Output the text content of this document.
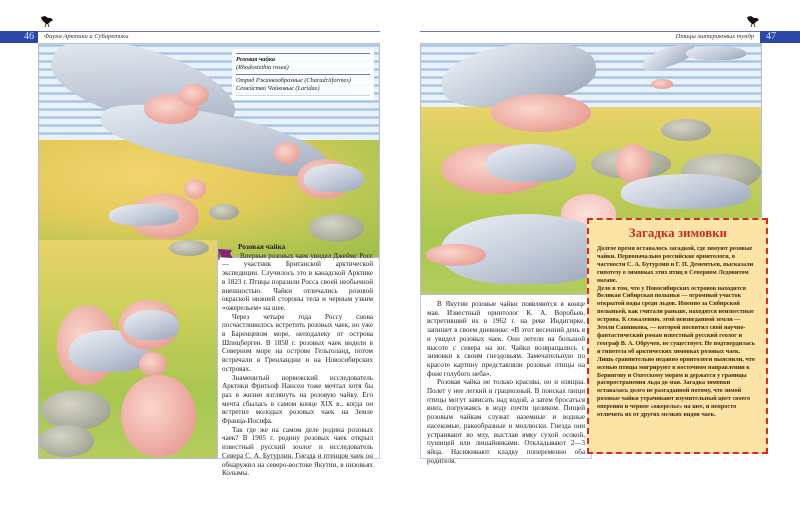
46	Фауна Арктики и Субарктики
Розовая чайка
(Rhodostethia rosea)
Отряд Ржанкообразные (Charadriiformes)
Семейство Чайковые (Laridae)
Розовая чайка

Впервые розовых чаек увидел Джеймс Росс — участник Британской арктической экспедиции. Случилось это в канадской Арктике в 1823 г. Птицы поразили Росса своей необычной внешностью. Чайки отличались розовой окраской нижней стороны тела и черным узким «ожерельем» на шее.

Через четыре года Россу снова посчастливилось встретить розовых чаек, но уже в Баренцевом море, неподалеку от острова Шпицберген. В 1858 г. розовых чаек видели в Северном море на острове Гельголанд, потом встречали в Гренландии и на Новосибирских островах.

Знаменитый норвежский исследователь Арктики Фритьоф Нансен тоже мечтал хотя бы раз в жизни взглянуть на розовую чайку. Его мечта сбылась в самом конце XIX в., когда он встретил молодых розовых чаек на Земле Франца-Иосифа.

Так где же на самом деле родина розовых чаек? В 1905 г. родину розовых чаек открыл известный русский зоолог и исследователь Севера С. А. Бутурлин. Гнезда и птенцов чаек он обнаружил на северо-востоке Якутии, в низовьях Колымы.

47
Птицы материковых тундр

В Якутии розовые чайки появляются в конце мая. Известный орнитолог К. А. Воробьев, встретивший их в 1962 г. на реке Индигирке, запишет в своем дневнике: «В этот весенний день я и увидел розовых чаек. Они летели на большой высоте с севера на юг. Чайки возвращались с зимовки к своим гнездовьям. Замечательную по красоте картину представляли розовые птицы на фоне голубого неба».

Розовая чайка не только красива, но и изящна. Полет у нее легкий и грациозный. В поисках пищи птицы могут зависать над водой, а затем бросаться вниз, погружаясь в воду почти целиком. Пищей розовым чайкам служат наземные и водные насекомые, ракообразные и моллюски. Гнезда они устраивают во мху, выстлав ямку сухой осокой, пушицей или лишайниками. Откладывают 2—3 яйца. Насиживают кладку попеременно оба родителя.

Загадка зимовки

Долгое время оставалось загадкой, где зимуют розовые чайки. Первоначально российские орнитологи, в частности С. А. Бутурлин и Г. П. Дементьев, высказали гипотезу о зимовках этих птиц в Северном Ледовитом океане.

Дело в том, что у Новосибирских островов находится Великая Сибирская полынья — огромный участок открытой воды среди льдов. Именно за Сибирской полыньей, как считали раньше, находятся неизвестные острова. К сожалению, этой неизведанной земли — Земли Санникова, — которой посвятил свой научно-фантастический роман известный русский геолог и географ В. А. Обручев, не существует. Не подтвердилась и гипотеза об арктических зимовках розовых чаек.

Лишь сравнительно недавно орнитологи выяснили, что осенью птицы мигрируют в восточном направлении к Берингову и Охотскому морям и держатся у границы распространения льда до мая. Загадка зимовки оставалась долго не разгаданной потому, что зимой розовые чайки утрачивают изумительный цвет своего оперения и черное «ожерелье» на шее, и непросто отличить их от других мелких видов чаек.
